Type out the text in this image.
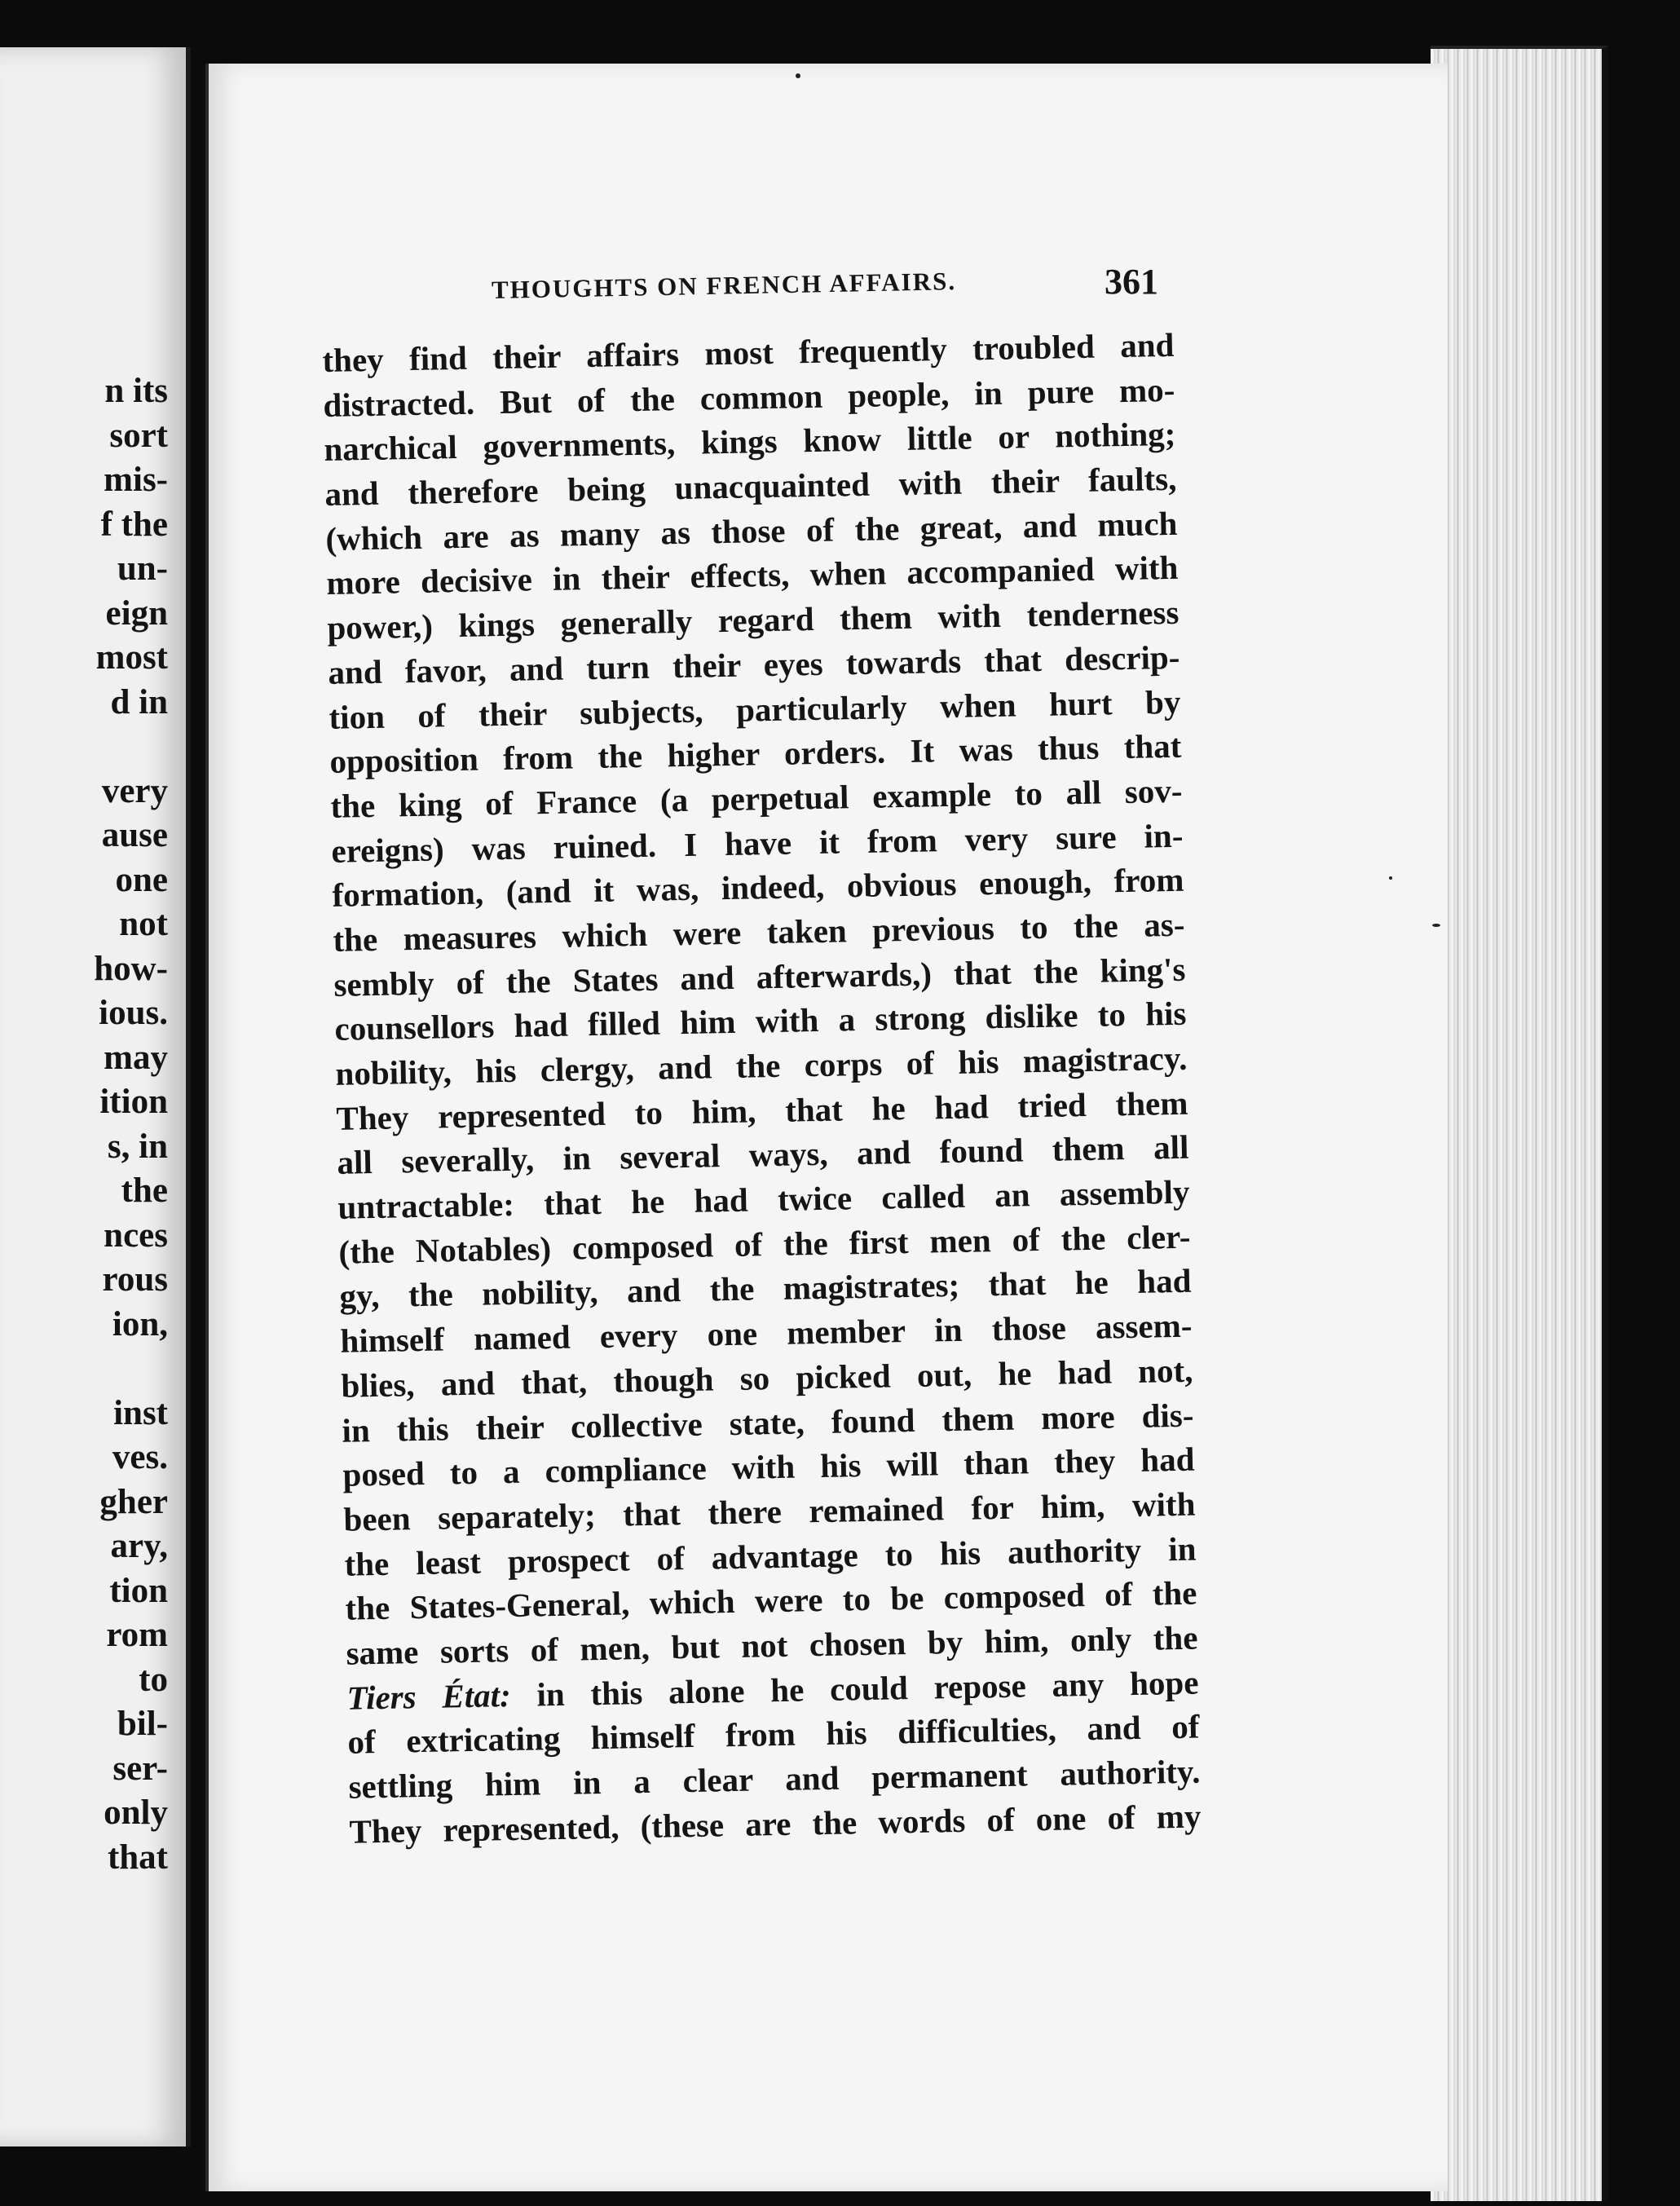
n its
sort
mis-
f the
un-
eign
most
d in
very
ause
one
not
how-
ious.
may
ition
s, in
the
nces
rous
ion,
inst
ves.
gher
ary,
tion
rom
to
bil-
ser-
only
that
THOUGHTS ON FRENCH AFFAIRS.	361
they find their affairs most frequently troubled and
distracted. But of the common people, in pure mo-
narchical governments, kings know little or nothing;
and therefore being unacquainted with their faults,
(which are as many as those of the great, and much
more decisive in their effects, when accompanied with
power,) kings generally regard them with tenderness
and favor, and turn their eyes towards that descrip-
tion of their subjects, particularly when hurt by
opposition from the higher orders. It was thus that
the king of France (a perpetual example to all sov-
ereigns) was ruined. I have it from very sure in-
formation, (and it was, indeed, obvious enough, from
the measures which were taken previous to the as-
sembly of the States and afterwards,) that the king's
counsellors had filled him with a strong dislike to his
nobility, his clergy, and the corps of his magistracy.
They represented to him, that he had tried them
all severally, in several ways, and found them all
untractable: that he had twice called an assembly
(the Notables) composed of the first men of the cler-
gy, the nobility, and the magistrates; that he had
himself named every one member in those assem-
blies, and that, though so picked out, he had not,
in this their collective state, found them more dis-
posed to a compliance with his will than they had
been separately; that there remained for him, with
the least prospect of advantage to his authority in
the States-General, which were to be composed of the
same sorts of men, but not chosen by him, only the
Tiers État: in this alone he could repose any hope
of extricating himself from his difficulties, and of
settling him in a clear and permanent authority.
They represented, (these are the words of one of my
